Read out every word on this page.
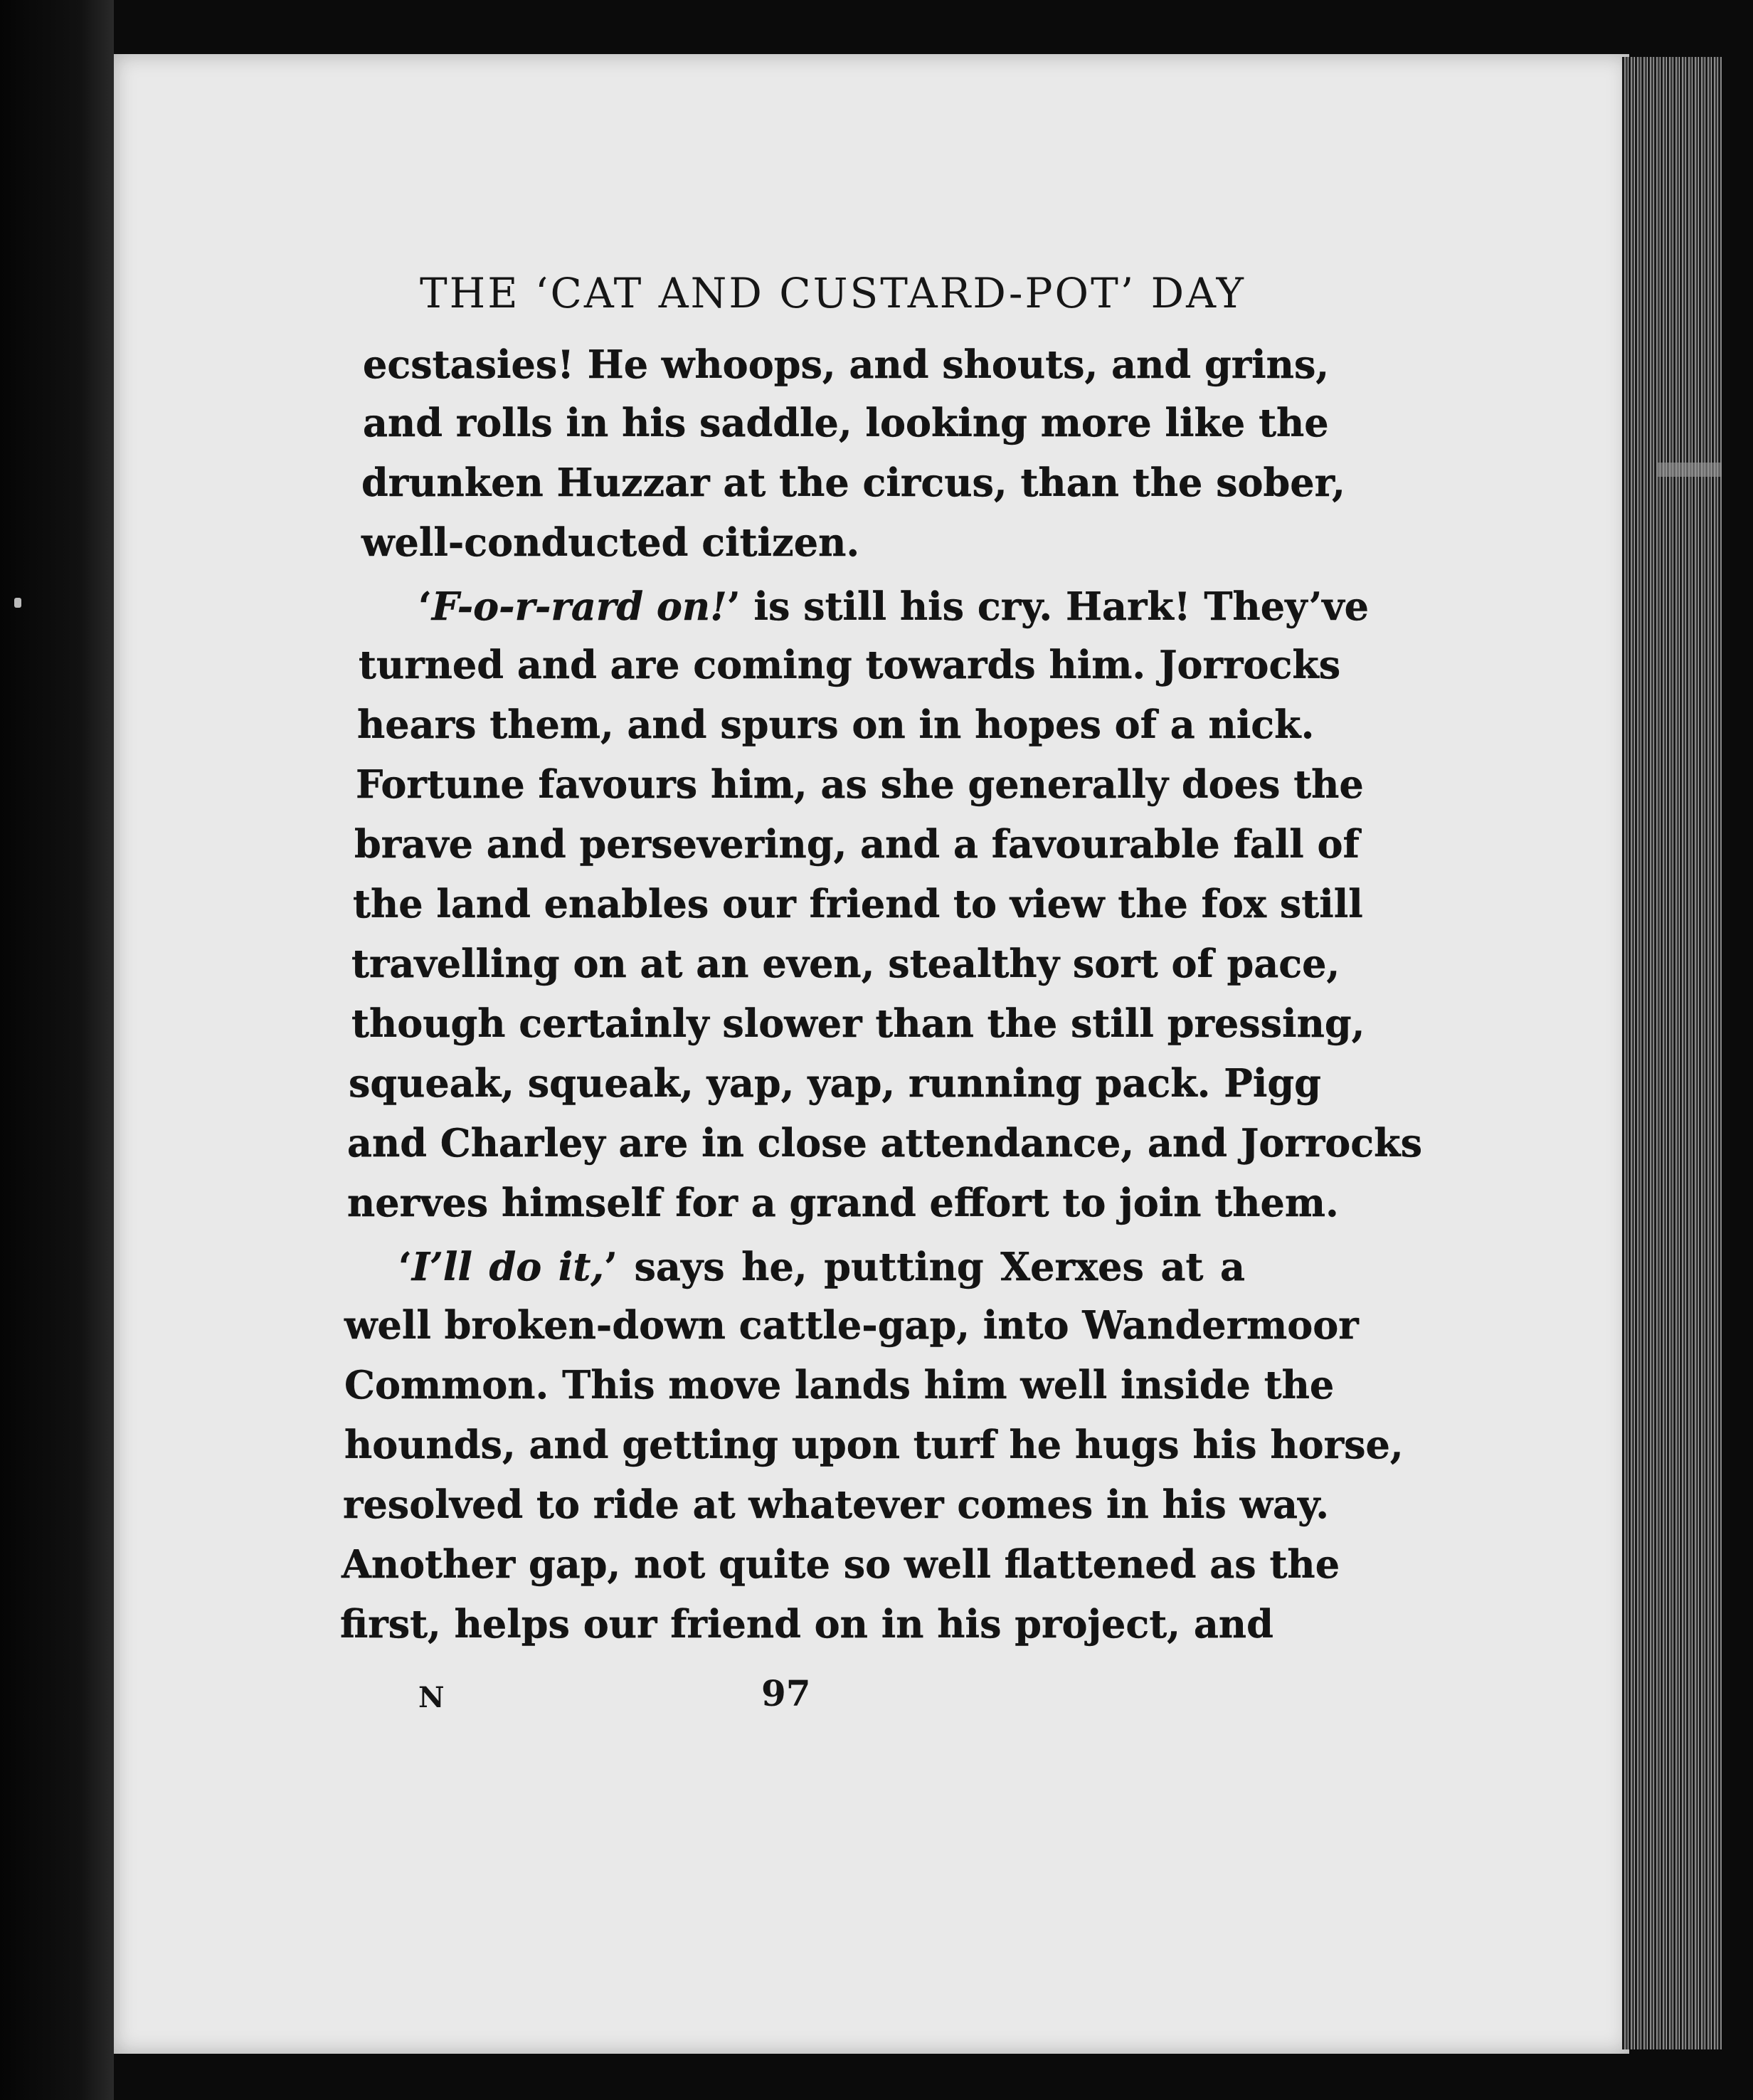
THE ‘CAT AND CUSTARD-POT’ DAY
ecstasies! He whoops, and shouts, and grins,
and rolls in his saddle, looking more like the
drunken Huzzar at the circus, than the sober,
well-conducted citizen.
‘F-o-r-rard on!’ is still his cry. Hark! They’ve
turned and are coming towards him. Jorrocks
hears them, and spurs on in hopes of a nick.
Fortune favours him, as she generally does the
brave and persevering, and a favourable fall of
the land enables our friend to view the fox still
travelling on at an even, stealthy sort of pace,
though certainly slower than the still pressing,
squeak, squeak, yap, yap, running pack. Pigg
and Charley are in close attendance, and Jorrocks
nerves himself for a grand effort to join them.
‘I’ll do it,’ says he, putting Xerxes at a
well broken-down cattle-gap, into Wandermoor
Common. This move lands him well inside the
hounds, and getting upon turf he hugs his horse,
resolved to ride at whatever comes in his way.
Another gap, not quite so well flattened as the
first, helps our friend on in his project, and
N	97
